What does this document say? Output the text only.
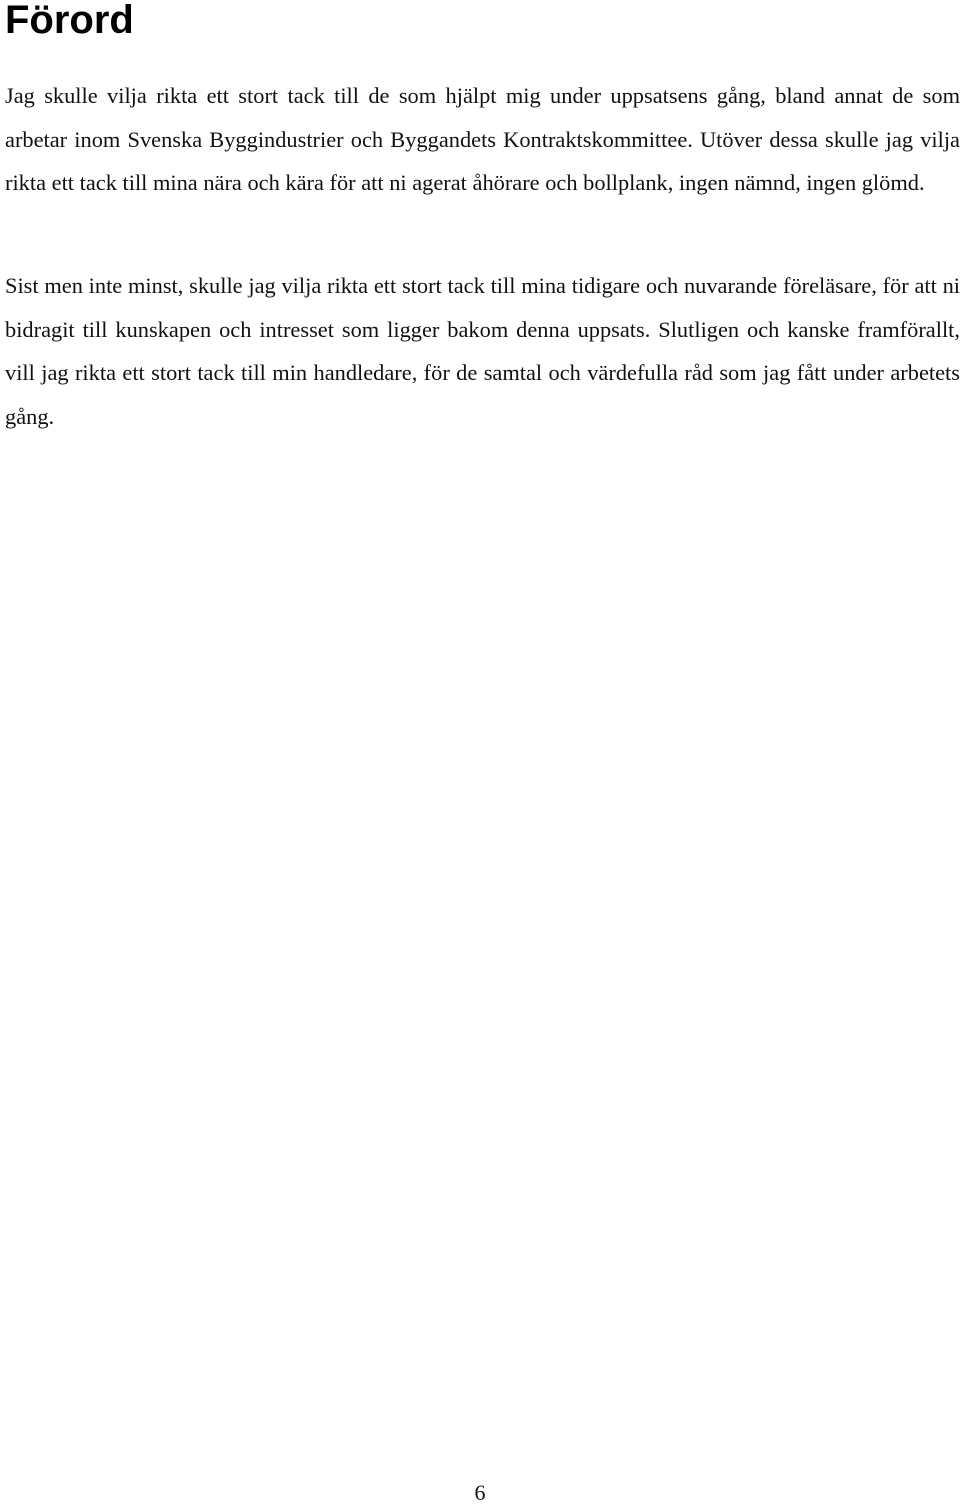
Förord

Jag skulle vilja rikta ett stort tack till de som hjälpt mig under uppsatsens gång, bland annat de som arbetar inom Svenska Byggindustrier och Byggandets Kontraktskommittee. Utöver dessa skulle jag vilja rikta ett tack till mina nära och kära för att ni agerat åhörare och bollplank, ingen nämnd, ingen glömd.

Sist men inte minst, skulle jag vilja rikta ett stort tack till mina tidigare och nuvarande föreläsare, för att ni bidragit till kunskapen och intresset som ligger bakom denna uppsats. Slutligen och kanske framförallt, vill jag rikta ett stort tack till min handledare, för de samtal och värdefulla råd som jag fått under arbetets gång.

6
